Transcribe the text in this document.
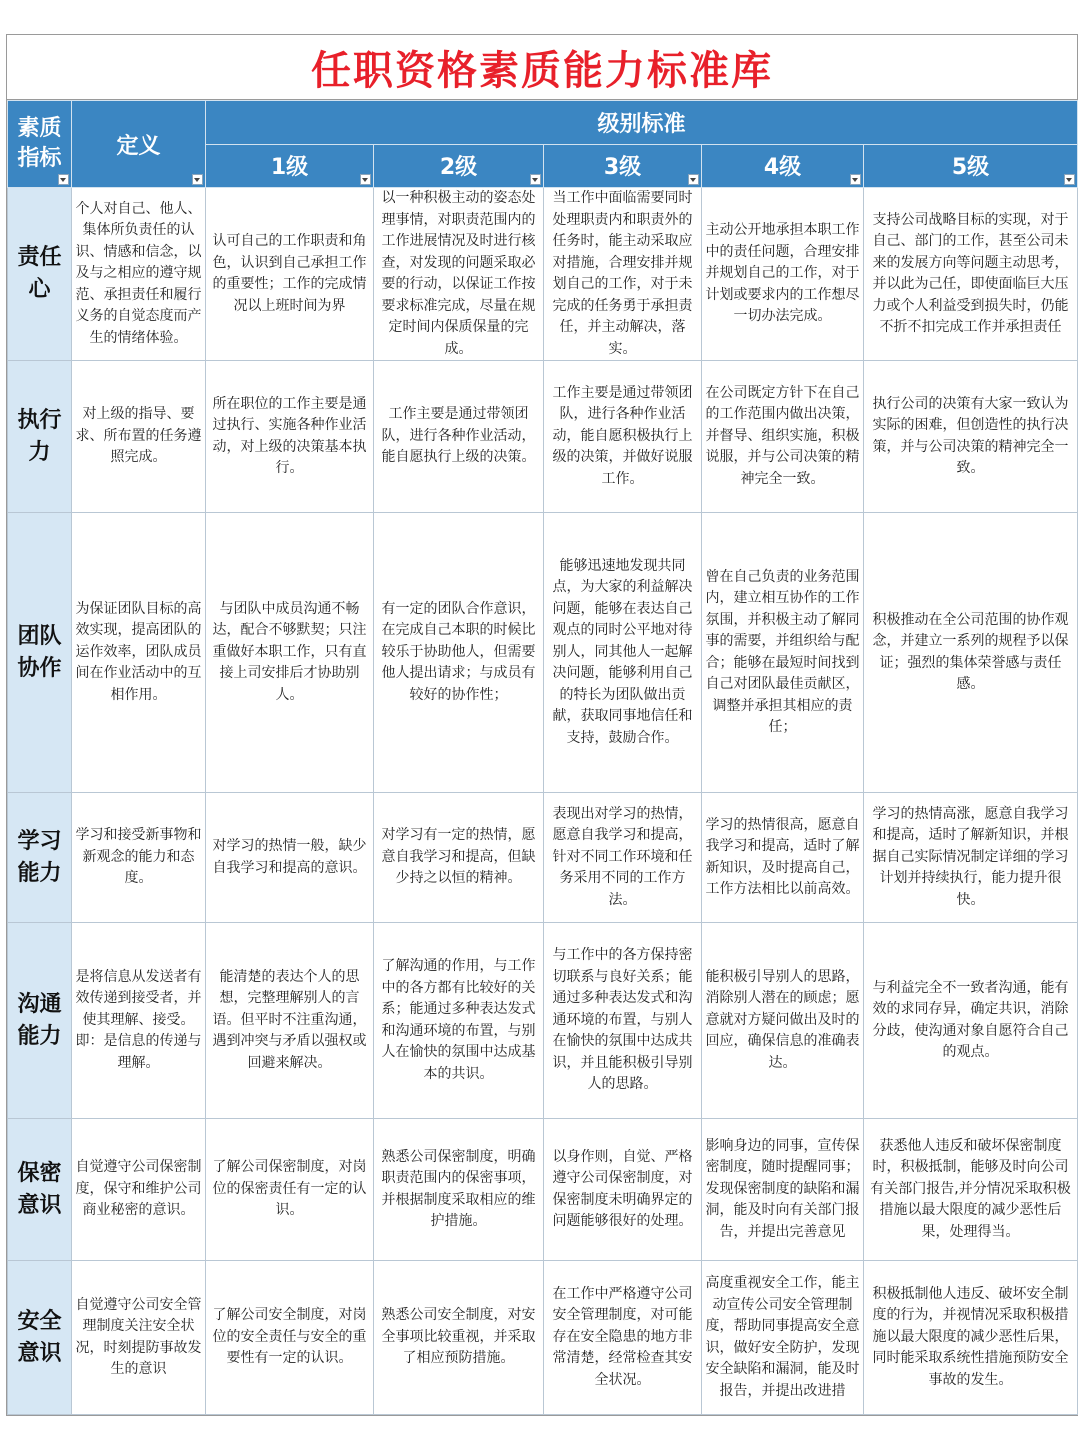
任职资格素质能力标准库
素质指标	定义	级别标准				
		1级	2级	3级	4级	5级

责任心	个人对自己、他人、集体所负责任的认识、情感和信念，以及与之相应的遵守规范、承担责任和履行义务的自觉态度而产生的情绪体验。	认可自己的工作职责和角色，认识到自己承担工作的重要性；工作的完成情况以上班时间为界	以一种积极主动的姿态处理事情，对职责范围内的工作进展情况及时进行核查，对发现的问题采取必要的行动，以保证工作按要求标准完成，尽量在规定时间内保质保量的完成。	当工作中面临需要同时处理职责内和职责外的任务时，能主动采取应对措施，合理安排并规划自己的工作，对于未完成的任务勇于承担责任，并主动解决，落实。	主动公开地承担本职工作中的责任问题，合理安排并规划自己的工作，对于计划或要求内的工作想尽一切办法完成。	支持公司战略目标的实现，对于自己、部门的工作，甚至公司未来的发展方向等问题主动思考，并以此为己任，即使面临巨大压力或个人利益受到损失时，仍能不折不扣完成工作并承担责任
执行力	对上级的指导、要求、所布置的任务遵照完成。	所在职位的工作主要是通过执行、实施各种作业活动，对上级的决策基本执行。	工作主要是通过带领团队，进行各种作业活动，能自愿执行上级的决策。	工作主要是通过带领团队，进行各种作业活动，能自愿积极执行上级的决策，并做好说服工作。	在公司既定方针下在自己的工作范围内做出决策，并督导、组织实施，积极说服，并与公司决策的精神完全一致。	执行公司的决策有大家一致认为实际的困难，但创造性的执行决策，并与公司决策的精神完全一致。
团队协作	为保证团队目标的高效实现，提高团队的运作效率，团队成员间在作业活动中的互相作用。	与团队中成员沟通不畅达，配合不够默契；只注重做好本职工作，只有直接上司安排后才协助别人。	有一定的团队合作意识，在完成自己本职的时候比较乐于协助他人，但需要他人提出请求；与成员有较好的协作性；	能够迅速地发现共同点，为大家的利益解决问题，能够在表达自己观点的同时公平地对待别人，同其他人一起解决问题，能够利用自己的特长为团队做出贡献，获取同事地信任和支持，鼓励合作。	曾在自己负责的业务范围内，建立相互协作的工作氛围，并积极主动了解同事的需要，并组织给与配合；能够在最短时间找到自己对团队最佳贡献区，调整并承担其相应的责任；	积极推动在全公司范围的协作观念，并建立一系列的规程予以保证；强烈的集体荣誉感与责任感。
学习能力	学习和接受新事物和新观念的能力和态度。	对学习的热情一般，缺少自我学习和提高的意识。	对学习有一定的热情，愿意自我学习和提高，但缺少持之以恒的精神。	表现出对学习的热情，愿意自我学习和提高，针对不同工作环境和任务采用不同的工作方法。	学习的热情很高，愿意自我学习和提高，适时了解新知识，及时提高自己，工作方法相比以前高效。	学习的热情高涨，愿意自我学习和提高，适时了解新知识，并根据自己实际情况制定详细的学习计划并持续执行，能力提升很快。
沟通能力	是将信息从发送者有效传递到接受者，并使其理解、接受。即：是信息的传递与理解。	能清楚的表达个人的思想，完整理解别人的言语。但平时不注重沟通，遇到冲突与矛盾以强权或回避来解决。	了解沟通的作用，与工作中的各方都有比较好的关系；能通过多种表达发式和沟通环境的布置，与别人在愉快的氛围中达成基本的共识。	与工作中的各方保持密切联系与良好关系；能通过多种表达发式和沟通环境的布置，与别人在愉快的氛围中达成共识，并且能积极引导别人的思路。	能积极引导别人的思路，消除别人潜在的顾虑；愿意就对方疑问做出及时的回应，确保信息的准确表达。	与利益完全不一致者沟通，能有效的求同存异，确定共识，消除分歧，使沟通对象自愿符合自己的观点。
保密意识	自觉遵守公司保密制度，保守和维护公司商业秘密的意识。	了解公司保密制度，对岗位的保密责任有一定的认识。	熟悉公司保密制度，明确职责范围内的保密事项，并根据制度采取相应的维护措施。	以身作则，自觉、严格遵守公司保密制度，对保密制度未明确界定的问题能够很好的处理。	影响身边的同事，宣传保密制度，随时提醒同事；发现保密制度的缺陷和漏洞，能及时向有关部门报告，并提出完善意见	获悉他人违反和破坏保密制度时，积极抵制，能够及时向公司有关部门报告,并分情况采取积极措施以最大限度的减少恶性后果，处理得当。
安全意识	自觉遵守公司安全管理制度关注安全状况，时刻提防事故发生的意识	了解公司安全制度，对岗位的安全责任与安全的重要性有一定的认识。	熟悉公司安全制度，对安全事项比较重视，并采取了相应预防措施。	在工作中严格遵守公司安全管理制度，对可能存在安全隐患的地方非常清楚，经常检查其安全状况。	高度重视安全工作，能主动宣传公司安全管理制度，帮助同事提高安全意识，做好安全防护，发现安全缺陷和漏洞，能及时报告，并提出改进措	积极抵制他人违反、破坏安全制度的行为，并视情况采取积极措施以最大限度的减少恶性后果，同时能采取系统性措施预防安全事故的发生。
